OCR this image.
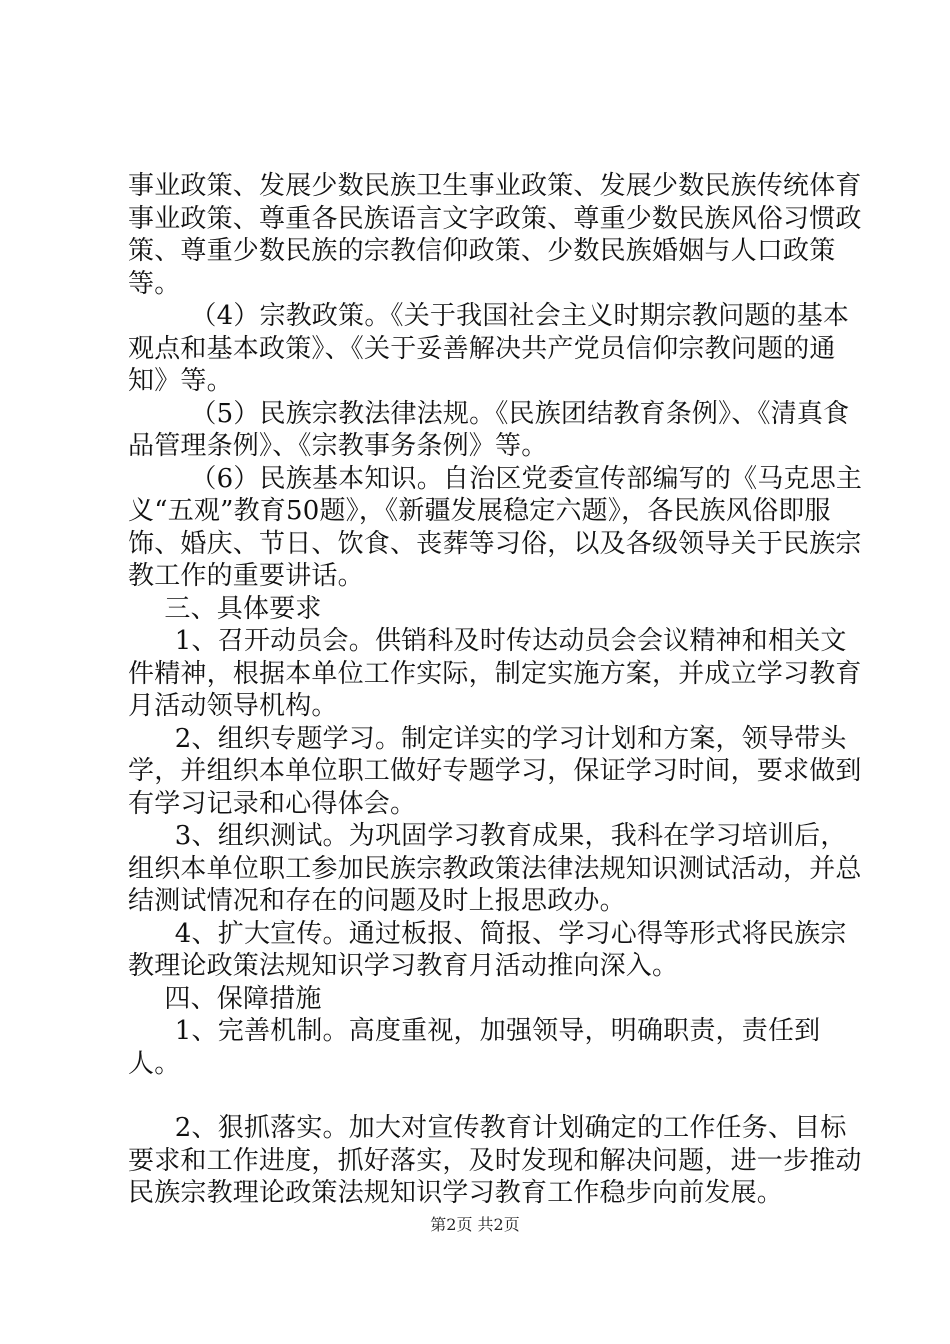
事业政策、发展少数民族卫生事业政策、发展少数民族传统体育事业政策、尊重各民族语言文字政策、尊重少数民族风俗习惯政策、尊重少数民族的宗教信仰政策、少数民族婚姻与人口政策等。

（4）宗教政策。《关于我国社会主义时期宗教问题的基本观点和基本政策》、《关于妥善解决共产党员信仰宗教问题的通知》等。

（5）民族宗教法律法规。《民族团结教育条例》、《清真食品管理条例》、《宗教事务条例》等。

（6）民族基本知识。自治区党委宣传部编写的《马克思主义“五观”教育50题》，《新疆发展稳定六题》，各民族风俗即服饰、婚庆、节日、饮食、丧葬等习俗，以及各级领导关于民族宗教工作的重要讲话。

三、具体要求

1、召开动员会。供销科及时传达动员会会议精神和相关文件精神，根据本单位工作实际，制定实施方案，并成立学习教育月活动领导机构。

2、组织专题学习。制定详实的学习计划和方案，领导带头学，并组织本单位职工做好专题学习，保证学习时间，要求做到有学习记录和心得体会。

3、组织测试。为巩固学习教育成果，我科在学习培训后，组织本单位职工参加民族宗教政策法律法规知识测试活动，并总结测试情况和存在的问题及时上报思政办。

4、扩大宣传。通过板报、简报、学习心得等形式将民族宗教理论政策法规知识学习教育月活动推向深入。

四、保障措施

1、完善机制。高度重视，加强领导，明确职责，责任到人。

2、狠抓落实。加大对宣传教育计划确定的工作任务、目标要求和工作进度，抓好落实，及时发现和解决问题，进一步推动民族宗教理论政策法规知识学习教育工作稳步向前发展。

第2页 共2页
